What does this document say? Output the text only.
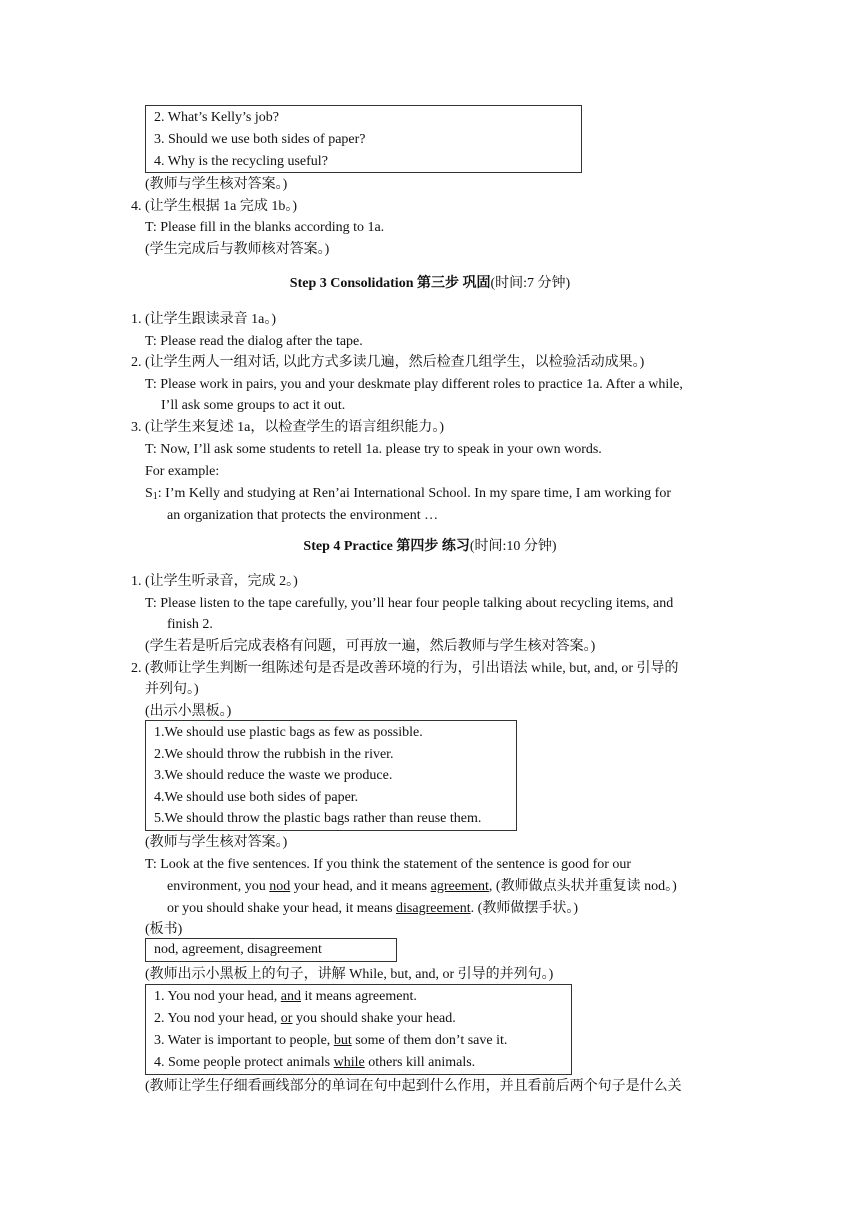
2. What’s Kelly’s job?
3. Should we use both sides of paper?
4. Why is the recycling useful?
(教师与学生核对答案。)
4. (让学生根据 1a 完成 1b。)
T: Please fill in the blanks according to 1a.
(学生完成后与教师核对答案。)
Step 3 Consolidation 第三步 巩固(时间:7 分钟)
1. (让学生跟读录音 1a。)
T: Please read the dialog after the tape.
2. (让学生两人一组对话, 以此方式多读几遍，然后检查几组学生，以检验活动成果。)
T: Please work in pairs, you and your deskmate play different roles to practice 1a. After a while,
I’ll ask some groups to act it out.
3. (让学生来复述 1a，以检查学生的语言组织能力。)
T: Now, I’ll ask some students to retell 1a. please try to speak in your own words.
For example:
$S_1$: I’m Kelly and studying at Ren’ai International School. In my spare time, I am working for
an organization that protects the environment …
Step 4 Practice 第四步 练习(时间:10 分钟)
1. (让学生听录音，完成 2。)
T: Please listen to the tape carefully, you’ll hear four people talking about recycling items, and
finish 2.
(学生若是听后完成表格有问题，可再放一遍，然后教师与学生核对答案。)
2. (教师让学生判断一组陈述句是否是改善环境的行为，引出语法 while, but, and, or 引导的
并列句。)
(出示小黑板。)
1.We should use plastic bags as few as possible.
2.We should throw the rubbish in the river.
3.We should reduce the waste we produce.
4.We should use both sides of paper.
5.We should throw the plastic bags rather than reuse them.
(教师与学生核对答案。)
T: Look at the five sentences. If you think the statement of the sentence is good for our
environment, you nod your head, and it means agreement, (教师做点头状并重复读 nod。)
or you should shake your head, it means disagreement. (教师做摆手状。)
(板书)
nod, agreement, disagreement
(教师出示小黑板上的句子，讲解 While, but, and, or 引导的并列句。)
1. You nod your head, and it means agreement.
2. You nod your head, or you should shake your head.
3. Water is important to people, but some of them don’t save it.
4. Some people protect animals while others kill animals.
(教师让学生仔细看画线部分的单词在句中起到什么作用，并且看前后两个句子是什么关
